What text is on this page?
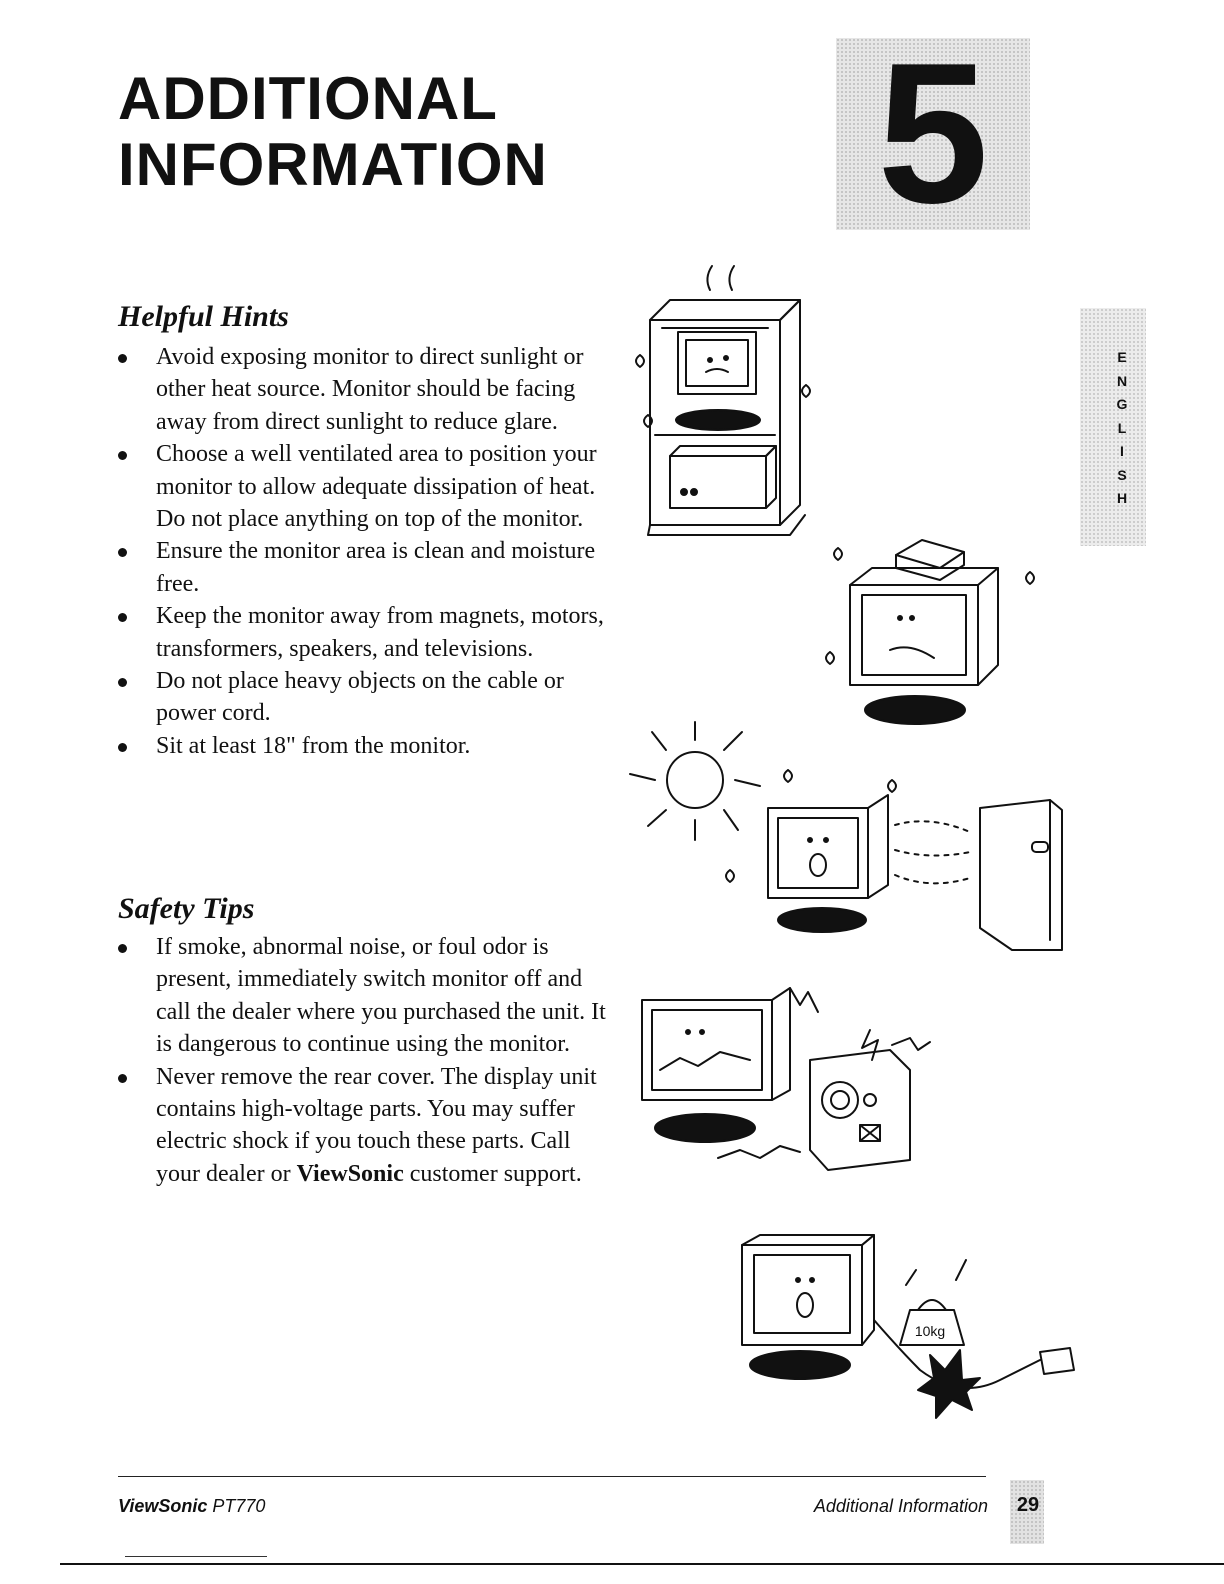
ADDITIONAL
INFORMATION 5
E
N
G
L
I
S
H
Helpful Hints
Avoid exposing monitor to direct sunlight or other heat source. Monitor should be facing away from direct sunlight to reduce glare.
Choose a well ventilated area to position your monitor to allow adequate dissipation of heat. Do not place anything on top of the monitor.
Ensure the monitor area is clean and moisture free.
Keep the monitor away from magnets, motors, transformers, speakers, and televisions.
Do not place heavy objects on the cable or power cord.
Sit at least 18" from the monitor.
Safety Tips
If smoke, abnormal noise, or foul odor is present, immediately switch monitor off and call the dealer where you purchased the unit. It is dangerous to continue using the monitor.
Never remove the rear cover. The display unit contains high-voltage parts. You may suffer electric shock if you touch these parts. Call your dealer or ViewSonic customer support.
10kg
ViewSonic PT770	Additional Information	29
